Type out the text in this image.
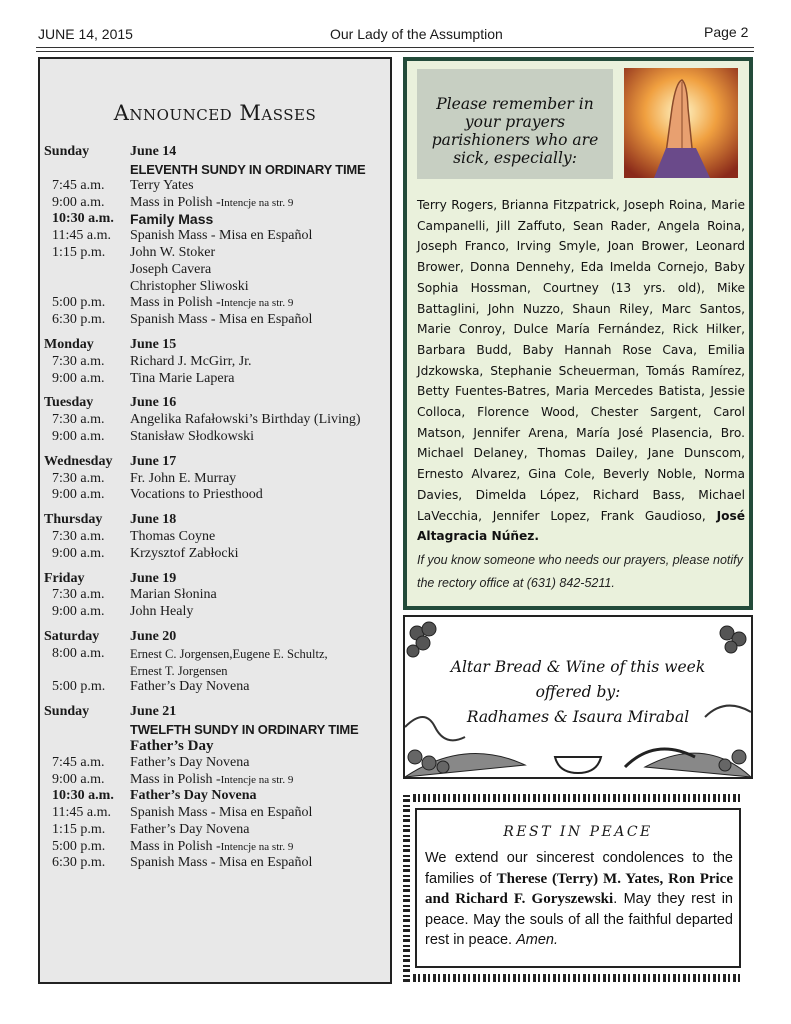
JUNE 14, 2015	Our Lady of the Assumption	Page 2
Announced Masses
Sunday	June 14
ELEVENTH SUNDY IN ORDINARY TIME
7:45 a.m.	Terry Yates
9:00 a.m.	Mass in Polish -Intencje na str. 9
10:30 a.m.	Family Mass
11:45 a.m.	Spanish Mass - Misa en Español
1:15 p.m.	John W. Stoker
Joseph Cavera
Christopher Sliwoski
5:00 p.m.	Mass in Polish -Intencje na str. 9
6:30 p.m.	Spanish Mass - Misa en Español
Monday	June 15
7:30 a.m.	Richard J. McGirr, Jr.
9:00 a.m.	Tina Marie Lapera
Tuesday	June 16
7:30 a.m.	Angelika Rafałowski’s Birthday (Living)
9:00 a.m.	Stanisław Słodkowski
Wednesday	June 17
7:30 a.m.	Fr. John E. Murray
9:00 a.m.	Vocations to Priesthood
Thursday	June 18
7:30 a.m.	Thomas Coyne
9:00 a.m.	Krzysztof Zabłocki
Friday	June 19
7:30 a.m.	Marian Słonina
9:00 a.m.	John Healy
Saturday	June 20
8:00 a.m.	Ernest C. Jorgensen,Eugene E. Schultz,
Ernest T. Jorgensen
5:00 p.m.	Father’s Day Novena
Sunday	June 21
TWELFTH SUNDY IN ORDINARY TIME
Father’s Day
7:45 a.m.	Father’s Day Novena
9:00 a.m.	Mass in Polish -Intencje na str. 9
10:30 a.m.	Father’s Day Novena
11:45 a.m.	Spanish Mass - Misa en Español
1:15 p.m.	Father’s Day Novena
5:00 p.m.	Mass in Polish -Intencje na str. 9
6:30 p.m.	Spanish Mass - Misa en Español
Please remember in
your prayers
parishioners who are
sick, especially:
Terry Rogers, Brianna Fitzpatrick, Joseph Roina, Marie Campanelli, Jill Zaffuto, Sean Rader, Angela Roina, Joseph Franco, Irving Smyle, Joan Brower, Leonard Brower, Donna Dennehy, Eda Imelda Cornejo, Baby Sophia Hossman, Courtney (13 yrs. old), Mike Battaglini, John Nuzzo, Shaun Riley, Marc Santos, Marie Conroy, Dulce María Fernández, Rick Hilker, Barbara Budd, Baby Hannah Rose Cava, Emilia Jdzkowska, Stephanie Scheuerman, Tomás Ramírez, Betty Fuentes-Batres, Maria Mercedes Batista, Jessie Colloca, Florence Wood, Chester Sargent, Carol Matson, Jennifer Arena, María José Plasencia, Bro. Michael Delaney, Thomas Dailey, Jane Dunscom, Ernesto Alvarez, Gina Cole, Beverly Noble, Norma Davies, Dimelda López, Richard Bass, Michael LaVecchia, Jennifer Lopez, Frank Gaudioso, José Altagracia Núñez.
If you know someone who needs our prayers, please notify
the rectory office at (631) 842-5211.
Altar Bread & Wine of this week
offered by:
Radhames & Isaura Mirabal
REST IN PEACE
We extend our sincerest condolences to the families of Therese (Terry) M. Yates, Ron Price and Richard F. Goryszewski. May they rest in peace. May the souls of all the faithful departed rest in peace. Amen.
